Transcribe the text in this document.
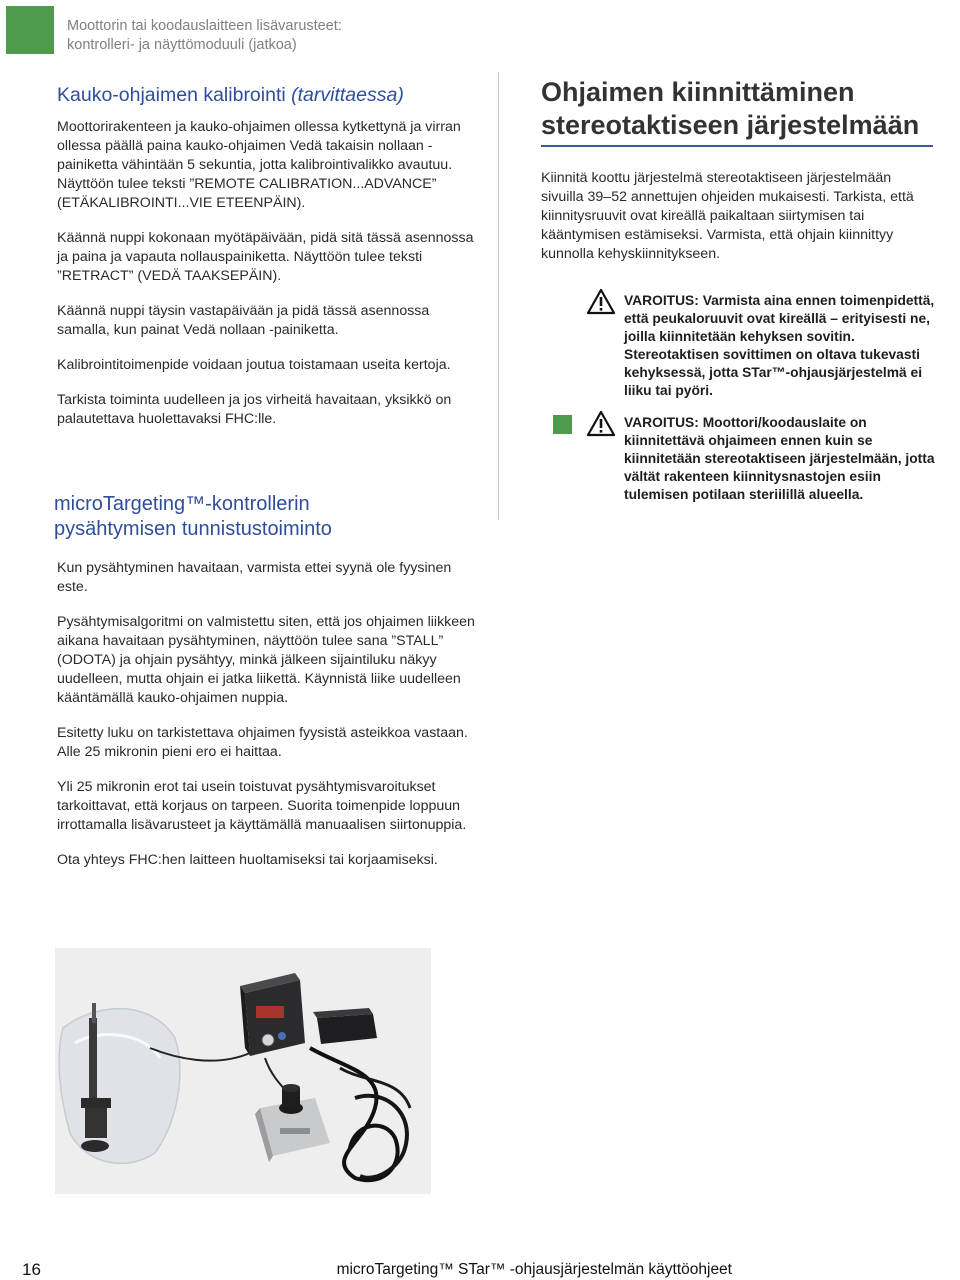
Moottorin tai koodauslaitteen lisävarusteet:
kontrolleri- ja näyttömoduuli (jatkoa)
Kauko-ohjaimen kalibrointi (tarvittaessa)

Moottorirakenteen ja kauko-ohjaimen ollessa kytkettynä ja virran ollessa päällä paina kauko-ohjaimen Vedä takaisin nollaan -painiketta vähintään 5 sekuntia, jotta kalibrointivalikko avautuu. Näyttöön tulee teksti ”REMOTE CALIBRATION...ADVANCE” (ETÄKALIBROINTI...VIE ETEENPÄIN).

Käännä nuppi kokonaan myötäpäivään, pidä sitä tässä asennossa ja paina ja vapauta nollauspainiketta. Näyttöön tulee teksti ”RETRACT” (VEDÄ TAAKSEPÄIN).

Käännä nuppi täysin vastapäivään ja pidä tässä asennossa samalla, kun painat Vedä nollaan -painiketta.

Kalibrointitoimenpide voidaan joutua toistamaan useita kertoja.

Tarkista toiminta uudelleen ja jos virheitä havaitaan, yksikkö on palautettava huolettavaksi FHC:lle.

microTargeting™-kontrollerin
pysähtymisen tunnistustoiminto

Kun pysähtyminen havaitaan, varmista ettei syynä ole fyysinen este.

Pysähtymisalgoritmi on valmistettu siten, että jos ohjaimen liikkeen aikana havaitaan pysähtyminen, näyttöön tulee sana ”STALL” (ODOTA) ja ohjain pysähtyy, minkä jälkeen sijaintiluku näkyy uudelleen, mutta ohjain ei jatka liikettä. Käynnistä liike uudelleen kääntämällä kauko-ohjaimen nuppia.

Esitetty luku on tarkistettava ohjaimen fyysistä asteikkoa vastaan. Alle 25 mikronin pieni ero ei haittaa.

Yli 25 mikronin erot tai usein toistuvat pysähtymisvaroitukset tarkoittavat, että korjaus on tarpeen. Suorita toimenpide loppuun irrottamalla lisävarusteet ja käyttämällä manuaalisen siirtonuppia.

Ota yhteys FHC:hen laitteen huoltamiseksi tai korjaamiseksi.

Ohjaimen kiinnittäminen
stereotaktiseen järjestelmään

Kiinnitä koottu järjestelmä stereotaktiseen järjestelmään sivuilla 39–52 annettujen ohjeiden mukaisesti. Tarkista, että kiinnitysruuvit ovat kireällä paikaltaan siirtymisen tai kääntymisen estämiseksi. Varmista, että ohjain kiinnittyy kunnolla kehyskiinnitykseen.

VAROITUS: Varmista aina ennen toimenpidettä, että peukaloruuvit ovat kireällä – erityisesti ne, joilla kiinnitetään kehyksen sovitin. Stereotaktisen sovittimen on oltava tukevasti kehyksessä, jotta STar™-ohjausjärjestelmä ei liiku tai pyöri.

VAROITUS: Moottori/koodauslaite on kiinnitettävä ohjaimeen ennen kuin se kiinnitetään stereotaktiseen järjestelmään, jotta vältät rakenteen kiinnitysnastojen esiin tulemisen potilaan steriilillä alueella.

16	microTargeting™ STar™ -ohjausjärjestelmän käyttöohjeet
